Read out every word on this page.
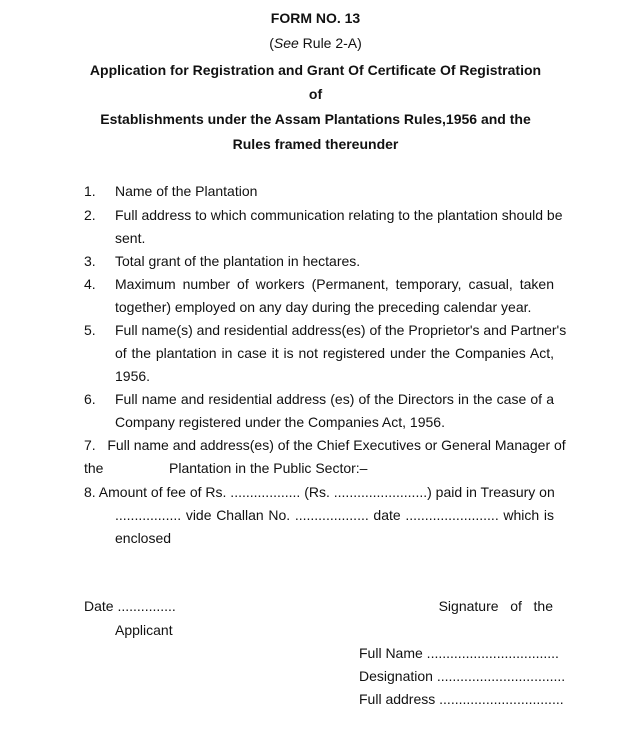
FORM NO. 13
(See Rule 2-A)
Application for Registration and Grant Of Certificate Of Registration
of
Establishments under the Assam Plantations Rules,1956 and the
Rules framed thereunder
1. Name of the Plantation
2. Full address to which communication relating to the plantation should be
sent.
3. Total grant of the plantation in hectares.
4. Maximum number of workers (Permanent, temporary, casual, taken
together) employed on any day during the preceding calendar year.
5. Full name(s) and residential address(es) of the Proprietor's and Partner's
of the plantation in case it is not registered under the Companies Act,
1956.
6. Full name and residential address (es) of the Directors in the case of a
Company registered under the Companies Act, 1956.
7.   Full name and address(es) of the Chief Executives or General Manager of
the	Plantation in the Public Sector:–
8. Amount of fee of Rs. .................. (Rs. ........................) paid in Treasury on
................. vide Challan No. ................... date ........................ which is
enclosed
Date ...............	Signature   of   the
Applicant
Full Name ..................................
Designation .................................
Full address ................................
